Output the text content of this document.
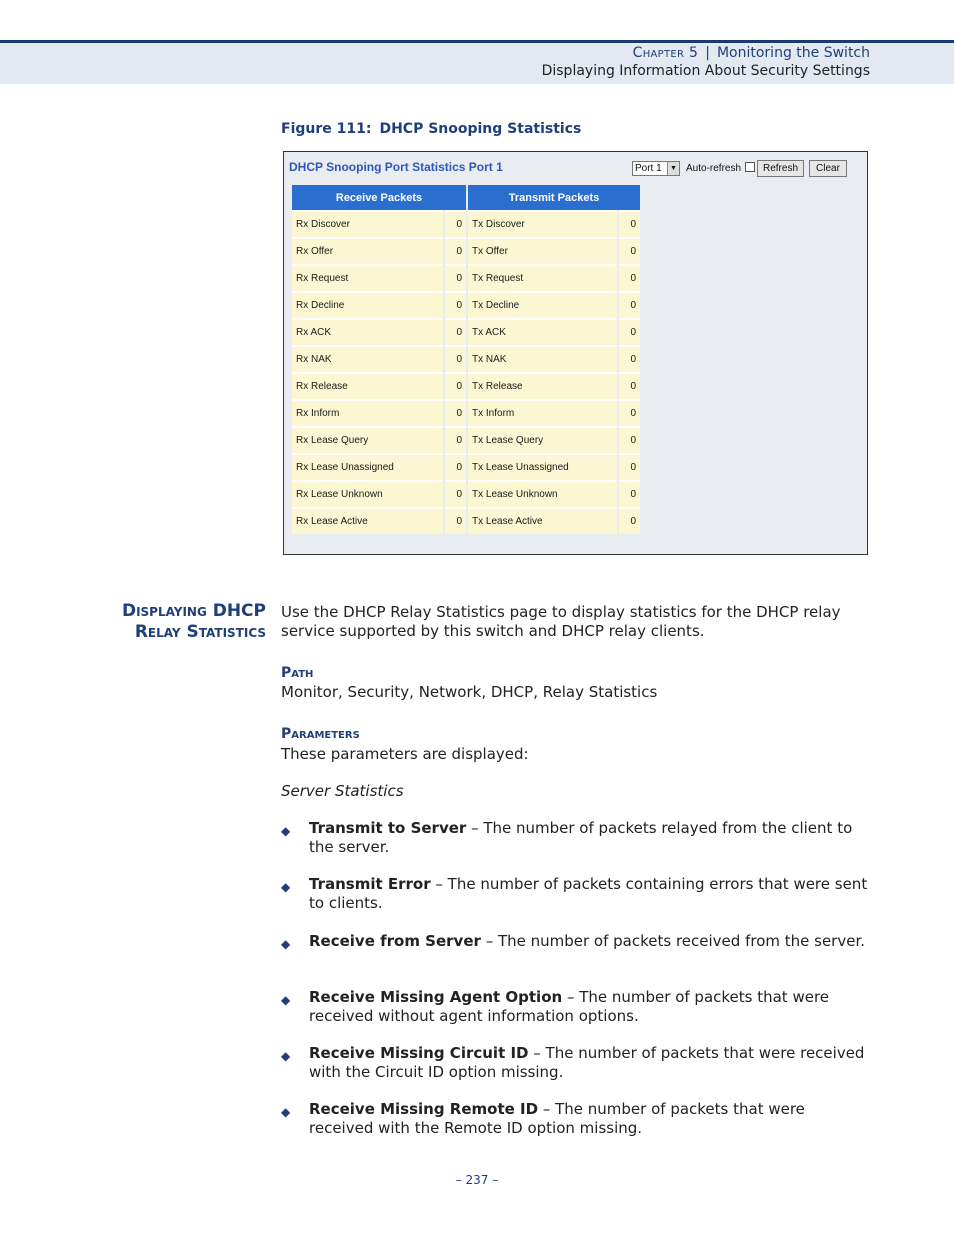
Chapter 5 | Monitoring the Switch
Displaying Information About Security Settings
Figure 111: DHCP Snooping Statistics
DHCP Snooping Port Statistics Port 1	Port 1	▼ Auto-refresh	Refresh	Clear
Receive Packets		Transmit Packets	
Rx Discover	0	Tx Discover	0
Rx Offer	0	Tx Offer	0
Rx Request	0	Tx Request	0
Rx Decline	0	Tx Decline	0
Rx ACK	0	Tx ACK	0
Rx NAK	0	Tx NAK	0
Rx Release	0	Tx Release	0
Rx Inform	0	Tx Inform	0
Rx Lease Query	0	Tx Lease Query	0
Rx Lease Unassigned	0	Tx Lease Unassigned	0
Rx Lease Unknown	0	Tx Lease Unknown	0
Rx Lease Active	0	Tx Lease Active	0
Displaying DHCP
Relay Statistics
Use the DHCP Relay Statistics page to display statistics for the DHCP relay service supported by this switch and DHCP relay clients.
Path
Monitor, Security, Network, DHCP, Relay Statistics
Parameters
These parameters are displayed:
Server Statistics
◆ Transmit to Server – The number of packets relayed from the client to the server.
◆ Transmit Error – The number of packets containing errors that were sent to clients.
◆ Receive from Server – The number of packets received from the server.
◆ Receive Missing Agent Option – The number of packets that were received without agent information options.
◆ Receive Missing Circuit ID – The number of packets that were received with the Circuit ID option missing.
◆ Receive Missing Remote ID – The number of packets that were received with the Remote ID option missing.
– 237 –
